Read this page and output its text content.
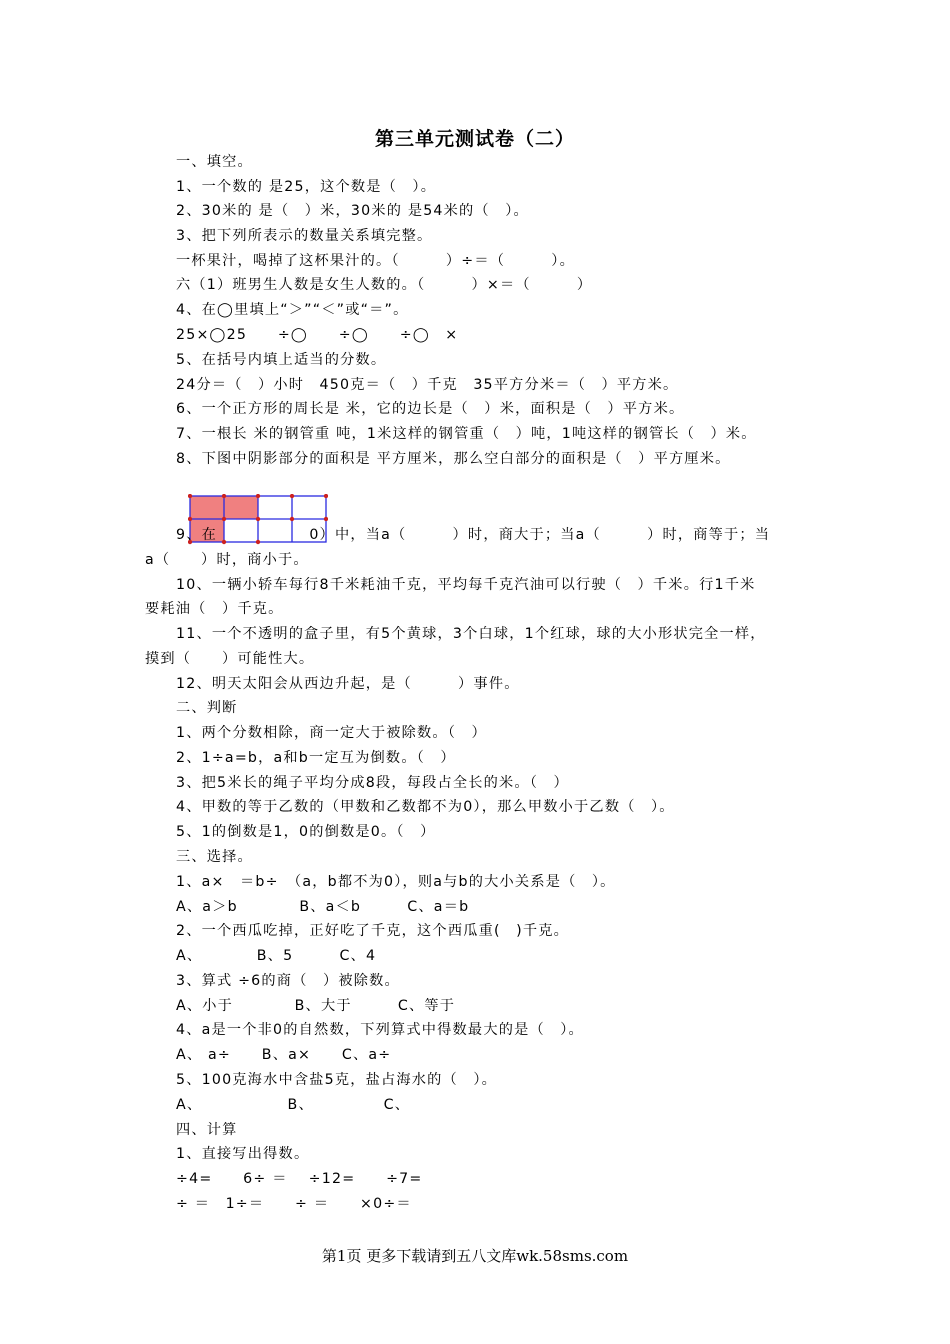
第三单元测试卷（二）
一、填空。
1、一个数的 是25，这个数是（　）。
2、30米的 是（　）米，30米的 是54米的（　）。
3、把下列所表示的数量关系填完整。
一杯果汁，喝掉了这杯果汁的。（　　　）÷＝（　　　）。
六（1）班男生人数是女生人数的。（　　　）×＝（　　　）
4、在◯里填上“＞”“＜”或“＝”。
25×◯25　　÷◯　　÷◯　　÷◯　×
5、在括号内填上适当的分数。
24分＝（　）小时　450克＝（　）千克　35平方分米＝（　）平方米。
6、一个正方形的周长是 米，它的边长是（　）米，面积是（　）平方米。
7、一根长 米的钢管重 吨，1米这样的钢管重（　）吨，1吨这样的钢管长（　）米。
8、下图中阴影部分的面积是 平方厘米，那么空白部分的面积是（　）平方厘米。
9、在　　　　　　0）中，当a（　　　）时，商大于；当a（　　　）时，商等于；当
a（　　）时，商小于。
10、一辆小轿车每行8千米耗油千克，平均每千克汽油可以行驶（　）千米。行1千米
要耗油（　）千克。
11、一个不透明的盒子里，有5个黄球，3个白球，1个红球，球的大小形状完全一样，
摸到（　　）可能性大。
12、明天太阳会从西边升起，是（　　　）事件。
二、判断
1、两个分数相除，商一定大于被除数。（　）
2、1÷a=b，a和b一定互为倒数。（　）
3、把5米长的绳子平均分成8段，每段占全长的米。（　）
4、甲数的等于乙数的（甲数和乙数都不为0），那么甲数小于乙数（　）。
5、1的倒数是1，0的倒数是0。（　）
三、选择。
1、a×　＝b÷　（a，b都不为0），则a与b的大小关系是（　）。
A、a＞b　　　　B、a＜b　　　C、a＝b
2、一个西瓜吃掉，正好吃了千克，这个西瓜重(　)千克。
A、　　　　B、5　　　C、4
3、算式 ÷6的商（　）被除数。
A、小于　　　　B、大于　　　C、等于
4、a是一个非0的自然数，下列算式中得数最大的是（　）。
A、 a÷　　B、a×　　C、a÷
5、100克海水中含盐5克，盐占海水的（　）。
A、　　　　　　B、　　　　　C、
四、计算
1、直接写出得数。
÷4=　　6÷ ＝　 ÷12=　　÷7=
÷ ＝　1÷＝　　÷ ＝　　×0÷＝
第1页 更多下载请到五八文库wk.58sms.com
